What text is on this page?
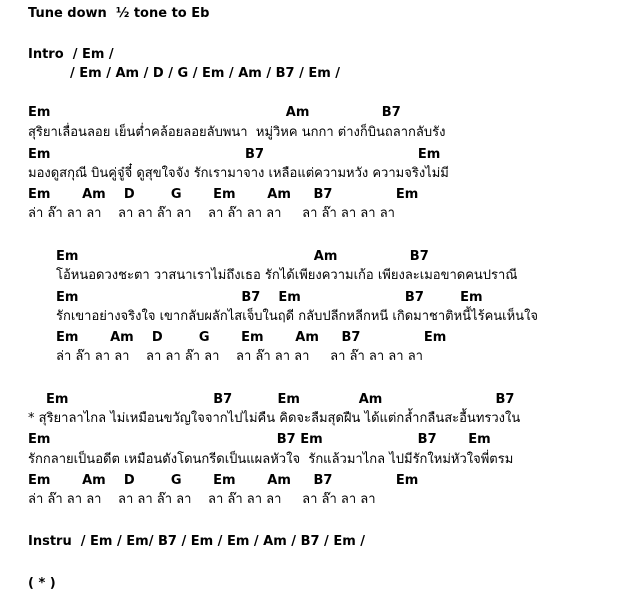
Tune down  ½ tone to Eb
Intro  / Em /
/ Em / Am / D / G / Em / Am / B7 / Em /
Em                                                    Am                B7
สุริยาเลื่อนลอย เย็นต่ำคล้อยลอยลับพนา  หมู่วิหค นกกา ต่างก็บินถลากลับรัง
Em                                           B7                                  Em
มองดูสกุณี บินคู่จู๋จี๋ ดูสุขใจจัง รักเรามาจาง เหลือแต่ความหวัง ความจริงไม่มี
Em       Am    D        G       Em       Am     B7              Em
ล่า ล๊า ลา ลา    ลา ลา ล๊า ลา    ลา ล๊า ลา ลา     ลา ล๊า ลา ลา ลา
Em                                                    Am                B7
โอ้หนอดวงชะตา วาสนาเราไม่ถึงเธอ รักได้เพียงความเก้อ เพียงละเมอขาดคนปราณี
Em                                    B7    Em                       B7        Em
รักเขาอย่างจริงใจ เขากลับผลักไสเจ็บในฤดี กลับปลีกหลีกหนี เกิดมาชาติหนี้ไร้คนเห็นใจ
Em       Am    D        G       Em       Am     B7              Em
ล่า ล๊า ลา ลา    ลา ลา ล๊า ลา    ลา ล๊า ลา ลา     ลา ล๊า ลา ลา ลา
Em                                B7          Em             Am                         B7
* สุริยาลาไกล ไม่เหมือนขวัญใจจากไปไม่คืน คิดจะลืมสุดฝืน ได้แต่กล้ำกลืนสะอื้นทรวงใน
Em                                                  B7 Em                     B7       Em
รักกลายเป็นอดีต เหมือนดังโดนกรีดเป็นแผลหัวใจ  รักแล้วมาไกล ไปมีรักใหม่หัวใจพี่ตรม
Em       Am    D        G       Em       Am     B7              Em
ล่า ล๊า ลา ลา    ลา ลา ล๊า ลา    ลา ล๊า ลา ลา     ลา ล๊า ลา ลา
Instru  / Em / Em/ B7 / Em / Em / Am / B7 / Em /
( * )
